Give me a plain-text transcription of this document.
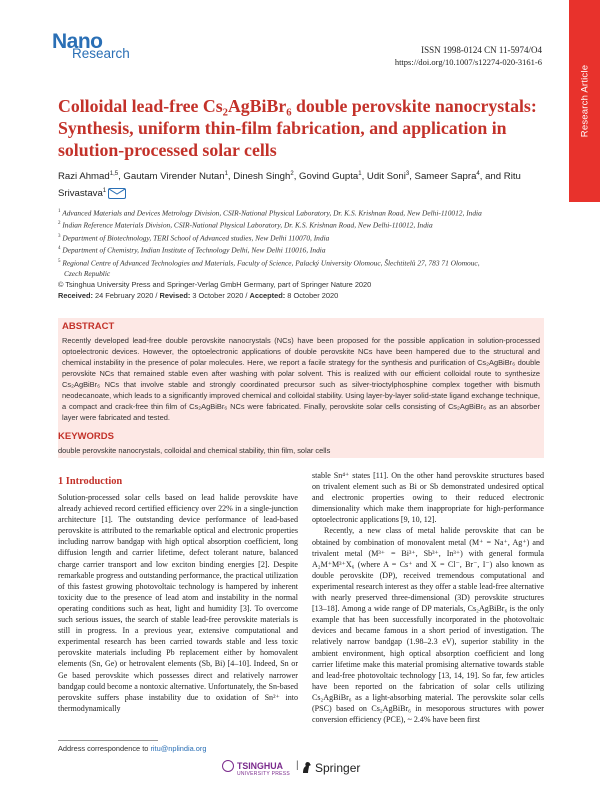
Research Article
Nano
Research	ISSN 1998-0124 CN 11-5974/O4
https://doi.org/10.1007/s12274-020-3161-6
Colloidal lead-free Cs₂AgBiBr₆ double perovskite nanocrystals: Synthesis, uniform thin-film fabrication, and application in solution-processed solar cells
Razi Ahmad$^{1,5}$, Gautam Virender Nutan$^1$, Dinesh Singh$^2$, Govind Gupta$^1$, Udit Soni$^3$, Sameer Sapra$^4$, and Ritu Srivastava$^1$
$^1$ Advanced Materials and Devices Metrology Division, CSIR-National Physical Laboratory, Dr. K.S. Krishnan Road, New Delhi-110012, India
$^2$ Indian Reference Materials Division, CSIR-National Physical Laboratory, Dr. K.S. Krishnan Road, New Delhi-110012, India
$^3$ Department of Biotechnology, TERI School of Advanced studies, New Delhi 110070, India
$^4$ Department of Chemistry, Indian Institute of Technology Delhi, New Delhi 110016, India
$^5$ Regional Centre of Advanced Technologies and Materials, Faculty of Science, Palacký University Olomouc, Šlechtitelů 27, 783 71 Olomouc,
Czech Republic
© Tsinghua University Press and Springer-Verlag GmbH Germany, part of Springer Nature 2020
Received: 24 February 2020 / Revised: 3 October 2020 / Accepted: 8 October 2020
ABSTRACT
Recently developed lead-free double perovskite nanocrystals (NCs) have been proposed for the possible application in solution-processed optoelectronic devices. However, the optoelectronic applications of double perovskite NCs have been hampered due to the structural and chemical instability in the presence of polar molecules. Here, we report a facile strategy for the synthesis and purification of Cs₂AgBiBr₆ double perovskite NCs that remained stable even after washing with polar solvent. This is realized with our efficient colloidal route to synthesize Cs₂AgBiBr₆ NCs that involve stable and strongly coordinated precursor such as silver-trioctylphosphine complex together with bismuth neodecanoate, which leads to a significantly improved chemical and colloidal stability. Using layer-by-layer solid-state ligand exchange technique, a compact and crack-free thin film of Cs₂AgBiBr₆ NCs were fabricated. Finally, perovskite solar cells consisting of Cs₂AgBiBr₆ as an absorber layer were fabricated and tested.
KEYWORDS
double perovskite nanocrystals, colloidal and chemical stability, thin film, solar cells
1 Introduction

Solution-processed solar cells based on lead halide perovskite have already achieved record certified efficiency over 22% in a single-junction architecture [1]. The outstanding device performance of lead-based perovskite is attributed to the remarkable optical and electronic properties including narrow bandgap with high optical absorption coefficient, long diffusion length and carrier lifetime, defect tolerant nature, balanced charge carrier transport and low exciton binding energies [2]. Despite remarkable progress and outstanding performance, the practical utilization of this fastest growing photovoltaic technology is hampered by inherent toxicity due to the presence of lead atom and instability in the normal operating conditions such as heat, light and humidity [3]. To overcome such serious issues, the search of stable lead-free perovskite materials is still in progress. In a previous year, extensive computational and experimental research has been carried towards stable and less toxic perovskite materials including Pb replacement either by homovalent elements (Sn, Ge) or hetrovalent elements (Sb, Bi) [4–10]. Indeed, Sn or Ge based perovskite which possesses direct and relatively narrower bandgap could become a nontoxic alternative. Unfortunately, the Sn-based perovskite suffers phase instability due to oxidation of Sn²⁺ into thermodynamically

stable Sn⁴⁺ states [11]. On the other hand perovskite structures based on trivalent element such as Bi or Sb demonstrated undesired optical and electronic properties owing to their reduced electronic dimensionality which make them inappropriate for high-performance optoelectronic applications [9, 10, 12].

Recently, a new class of metal halide perovskite that can be obtained by combination of monovalent metal (M⁺ = Na⁺, Ag⁺) and trivalent metal (M³⁺ = Bi³⁺, Sb³⁺, In³⁺) with general formula A₂M⁺M³⁺X₆ (where A = Cs⁺ and X = Cl⁻, Br⁻, I⁻) also known as double perovskite (DP), received tremendous computational and experimental research interest as they offer a stable lead-free alternative with nearly preserved three-dimensional (3D) perovskite structures [13–18]. Among a wide range of DP materials, Cs₂AgBiBr₆ is the only example that has been successfully incorporated in the photovoltaic devices and became famous in a short period of investigation. The relatively narrow bandgap (1.98–2.3 eV), superior stability in the ambient environment, high optical absorption coefficient and long carrier lifetime make this material promising alternative towards stable and lead-free photovoltaic technology [13, 14, 19]. So far, few articles have been reported on the fabrication of solar cells utilizing Cs₂AgBiBr₆ as a light-absorbing material. The perovskite solar cells (PSC) based on Cs₂AgBiBr₆ in mesoporous structures with power conversion efficiency (PCE), ~ 2.4% have been first

Address correspondence to ritu@nplindia.org
TSINGHUA
UNIVERSITY PRESS
| Springer
